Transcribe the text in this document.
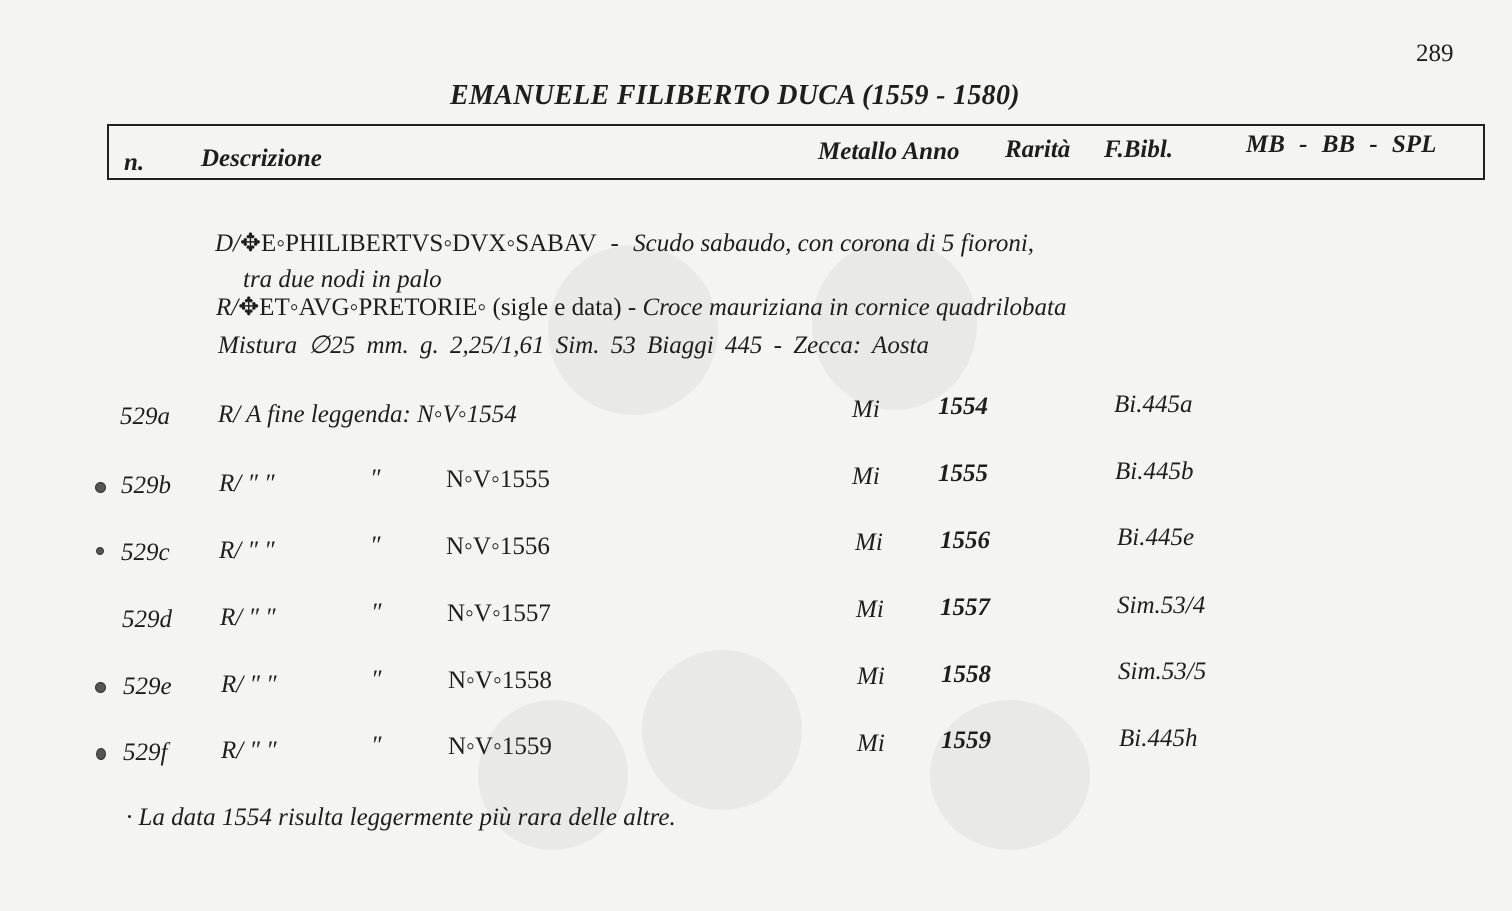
289
EMANUELE FILIBERTO DUCA (1559 - 1580)
n. Descrizione	Metallo Anno Rarità F.Bibl.	MB - BB - SPL
D/✥E◦PHILIBERTVS◦DVX◦SABAV - Scudo sabaudo, con corona di 5 fioroni,
tra due nodi in palo
R/✥ET◦AVG◦PRETORIE◦ (sigle e data) - Croce mauriziana in cornice quadrilobata
Mistura ∅25 mm. g. 2,25/1,61 Sim. 53 Biaggi 445 - Zecca: Aosta
529a R/ A fine leggenda: N◦V◦1554	Mi 1554	Bi.445a
529b R/ ″ ″	″	N◦V◦1555	Mi 1555	Bi.445b
529c R/ ″ ″	″	N◦V◦1556	Mi 1556	Bi.445e
529d R/ ″ ″	″	N◦V◦1557	Mi 1557	Sim.53/4
529e R/ ″ ″	″	N◦V◦1558	Mi 1558	Sim.53/5
529f R/ ″ ″	″	N◦V◦1559	Mi 1559	Bi.445h
· La data 1554 risulta leggermente più rara delle altre.
